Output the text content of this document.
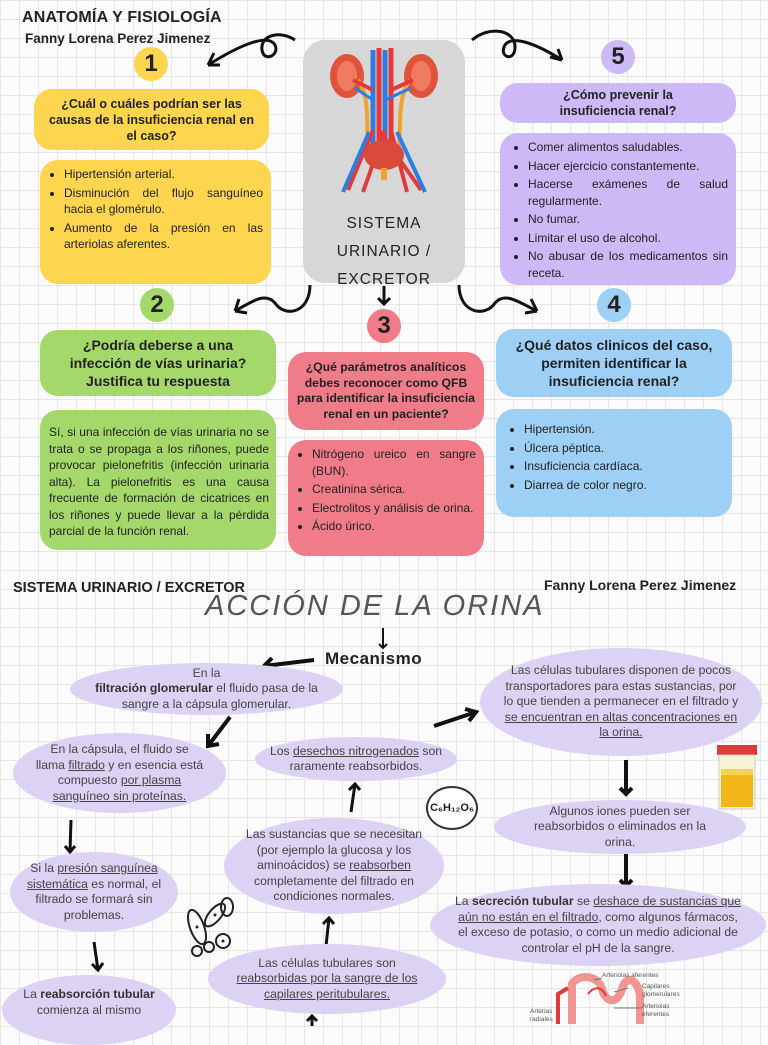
ANATOMÍA Y FISIOLOGÍA
Fanny Lorena Perez Jimenez
SISTEMA
URINARIO /
EXCRETOR
1
¿Cuál o cuáles podrían ser las causas de la insuficiencia renal en el caso?
• Hipertensión arterial.
• Disminución del flujo sanguíneo hacia el glomérulo.
• Aumento de la presión en las arteriolas aferentes.
2
¿Podría deberse a una infección de vías urinaria? Justifica tu respuesta
Sí, si una infección de vías urinaria no se trata o se propaga a los riñones, puede provocar pielonefritis (infección urinaria alta). La pielonefritis es una causa frecuente de formación de cicatrices en los riñones y puede llevar a la pérdida parcial de la función renal.
3
¿Qué parámetros analíticos debes reconocer como QFB para identificar la insuficiencia renal en un paciente?
• Nitrógeno ureico en sangre (BUN).
• Creatinina sérica.
• Electrolitos y análisis de orina.
• Ácido úrico.
4
¿Qué datos clinicos del caso, permiten identificar la insuficiencia renal?
• Hipertensión.
• Úlcera péptica.
• Insuficiencia cardíaca.
• Diarrea de color negro.
5
¿Cómo prevenir la insuficiencia renal?
• Comer alimentos saludables.
• Hacer ejercicio constantemente.
• Hacerse exámenes de salud regularmente.
• No fumar.
• Limitar el uso de alcohol.
• No abusar de los medicamentos sin receta.
SISTEMA URINARIO / EXCRETOR	Fanny Lorena Perez Jimenez
ACCIÓN DE LA ORINA
Mecanismo
En la
filtración glomerular el fluido pasa de la sangre a la cápsula glomerular.
En la cápsula, el fluido se llama filtrado y en esencia está compuesto por plasma sanguíneo sin proteínas.
Si la presión sanguínea sistemática es normal, el filtrado se formará sin problemas.
La reabsorción tubular comienza al mismo
Las células tubulares son reabsorbidas por la sangre de los capilares peritubulares.
Las sustancias que se necesitan (por ejemplo la glucosa y los aminoácidos) se reabsorben completamente del filtrado en condiciones normales.
Los desechos nitrogenados son raramente reabsorbidos.
Las células tubulares disponen de pocos transportadores para estas sustancias, por lo que tienden a permanecer en el filtrado y se encuentran en altas concentraciones en la orina.
Algunos iones pueden ser reabsorbidos o eliminados en la orina.
La secreción tubular se deshace de sustancias que aún no están en el filtrado, como algunos fármacos, el exceso de potasio, o como un medio adicional de controlar el pH de la sangre.
C₆H₁₂O₆
Arteriolas aferentes
Capilares glomerulares
Arteriolas eferentes
Arterias radiales
